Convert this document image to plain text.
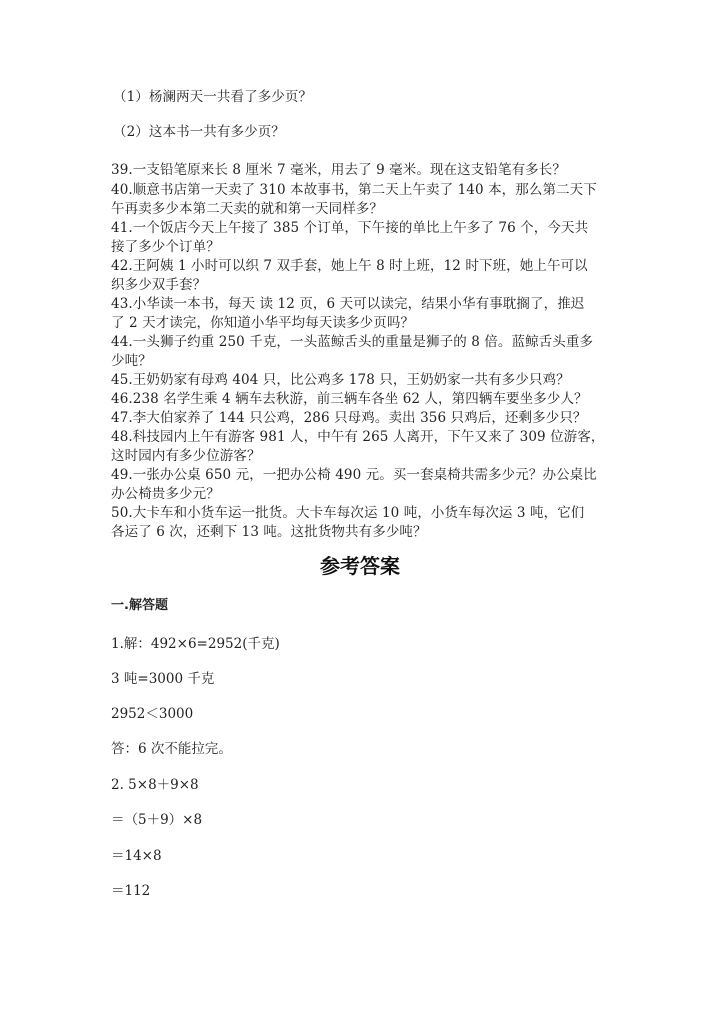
（1）杨澜两天一共看了多少页？
（2）这本书一共有多少页？
39.一支铅笔原来长 8 厘米 7 毫米，用去了 9 毫米。现在这支铅笔有多长？
40.顺意书店第一天卖了 310 本故事书，第二天上午卖了 140 本，那么第二天下
午再卖多少本第二天卖的就和第一天同样多？
41.一个饭店今天上午接了 385 个订单，下午接的单比上午多了 76 个，今天共
接了多少个订单？
42.王阿姨 1 小时可以织 7 双手套，她上午 8 时上班，12 时下班，她上午可以
织多少双手套？
43.小华读一本书，每天 读 12 页，6 天可以读完，结果小华有事耽搁了，推迟
了 2 天才读完，你知道小华平均每天读多少页吗？
44.一头狮子约重 250 千克，一头蓝鲸舌头的重量是狮子的 8 倍。蓝鲸舌头重多
少吨？
45.王奶奶家有母鸡 404 只，比公鸡多 178 只，王奶奶家一共有多少只鸡？
46.238 名学生乘 4 辆车去秋游，前三辆车各坐 62 人，第四辆车要坐多少人？
47.李大伯家养了 144 只公鸡，286 只母鸡。卖出 356 只鸡后，还剩多少只？
48.科技园内上午有游客 981 人，中午有 265 人离开，下午又来了 309 位游客，
这时园内有多少位游客？
49.一张办公桌 650 元，一把办公椅 490 元。买一套桌椅共需多少元？办公桌比
办公椅贵多少元？
50.大卡车和小货车运一批货。大卡车每次运 10 吨，小货车每次运 3 吨，它们
各运了 6 次，还剩下 13 吨。这批货物共有多少吨？
参考答案
一.解答题
1.解：492×6=2952(千克)
3 吨=3000 千克
2952＜3000
答：6 次不能拉完。
2. 5×8＋9×8
＝（5＋9）×8
＝14×8
＝112
